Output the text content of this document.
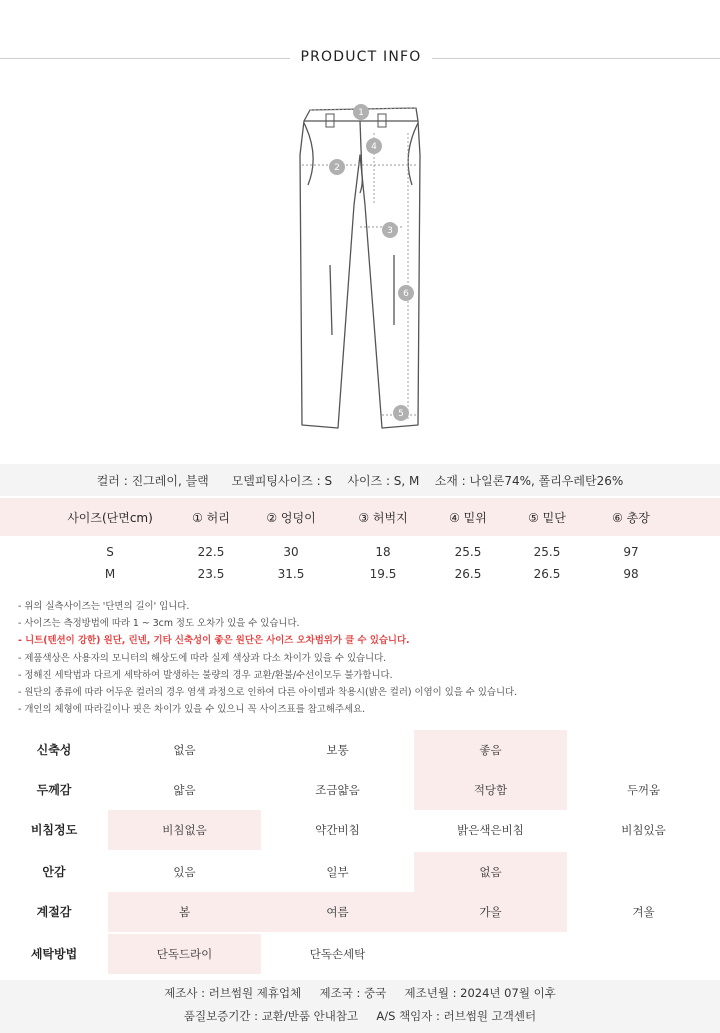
PRODUCT INFO
1
2
3
4
5
6
컬러 : 진그레이, 블랙
모델피팅사이즈 : S
사이즈 : S, M
소재 : 나일론74%, 폴리우레탄26%
사이즈(단면cm)	① 허리	② 엉덩이	③ 허벅지	④ 밑위	⑤ 밑단	⑥ 총장
S	22.5	30	18	25.5	25.5	97
M	23.5	31.5	19.5	26.5	26.5	98
- 위의 실측사이즈는 '단면의 길이' 입니다.
- 사이즈는 측정방법에 따라 1 ~ 3cm 정도 오차가 있을 수 있습니다.
- 니트(텐션이 강한) 원단, 린넨, 기타 신축성이 좋은 원단은 사이즈 오차범위가 클 수 있습니다.
- 제품색상은 사용자의 모니터의 해상도에 따라 실제 색상과 다소 차이가 있을 수 있습니다.
- 정해진 세탁법과 다르게 세탁하여 발생하는 불량의 경우 교환/환불/수선이모두 불가합니다.
- 원단의 종류에 따라 어두운 컬러의 경우 염색 과정으로 인하여 다른 아이템과 착용시(밝은 컬러) 이염이 있을 수 있습니다.
- 개인의 체형에 따라길이나 핏은 차이가 있을 수 있으니 꼭 사이즈표를 참고해주세요.
신축성	없음	보통	좋음
두께감	얇음	조금얇음	적당함	두꺼움
비침정도	비침없음	약간비침	밝은색은비침	비침있음
안감	있음	일부	없음
계절감	봄	여름	가을	겨울
세탁방법	단독드라이	단독손세탁
제조사 : 러브썸원 제휴업체     제조국 : 중국     제조년월 : 2024년 07월 이후
품질보증기간 : 교환/반품 안내참고     A/S 책임자 : 러브썸원 고객센터
